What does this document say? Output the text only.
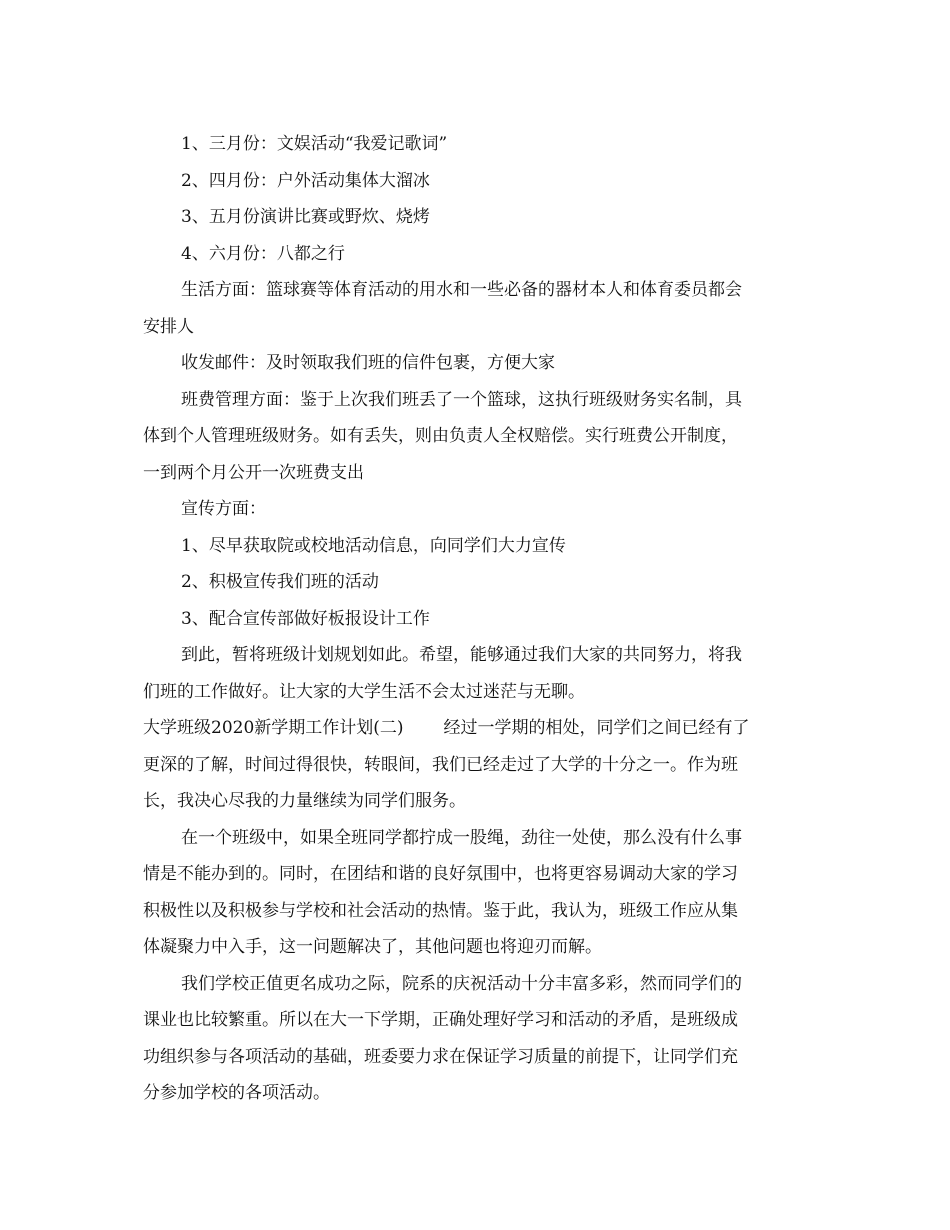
1、三月份：文娱活动“我爱记歌词”
2、四月份：户外活动集体大溜冰
3、五月份演讲比赛或野炊、烧烤
4、六月份：八都之行
生活方面：篮球赛等体育活动的用水和一些必备的器材本人和体育委员都会
安排人
收发邮件：及时领取我们班的信件包裹，方便大家
班费管理方面：鉴于上次我们班丢了一个篮球，这执行班级财务实名制，具
体到个人管理班级财务。如有丢失，则由负责人全权赔偿。实行班费公开制度，
一到两个月公开一次班费支出
宣传方面：
1、尽早获取院或校地活动信息，向同学们大力宣传
2、积极宣传我们班的活动
3、配合宣传部做好板报设计工作
到此，暂将班级计划规划如此。希望，能够通过我们大家的共同努力，将我
们班的工作做好。让大家的大学生活不会太过迷茫与无聊。
大学班级2020新学期工作计划(二) 经过一学期的相处，同学们之间已经有了
更深的了解，时间过得很快，转眼间，我们已经走过了大学的十分之一。作为班
长，我决心尽我的力量继续为同学们服务。
在一个班级中，如果全班同学都拧成一股绳，劲往一处使，那么没有什么事
情是不能办到的。同时，在团结和谐的良好氛围中，也将更容易调动大家的学习
积极性以及积极参与学校和社会活动的热情。鉴于此，我认为，班级工作应从集
体凝聚力中入手，这一问题解决了，其他问题也将迎刃而解。
我们学校正值更名成功之际，院系的庆祝活动十分丰富多彩，然而同学们的
课业也比较繁重。所以在大一下学期，正确处理好学习和活动的矛盾，是班级成
功组织参与各项活动的基础，班委要力求在保证学习质量的前提下，让同学们充
分参加学校的各项活动。
